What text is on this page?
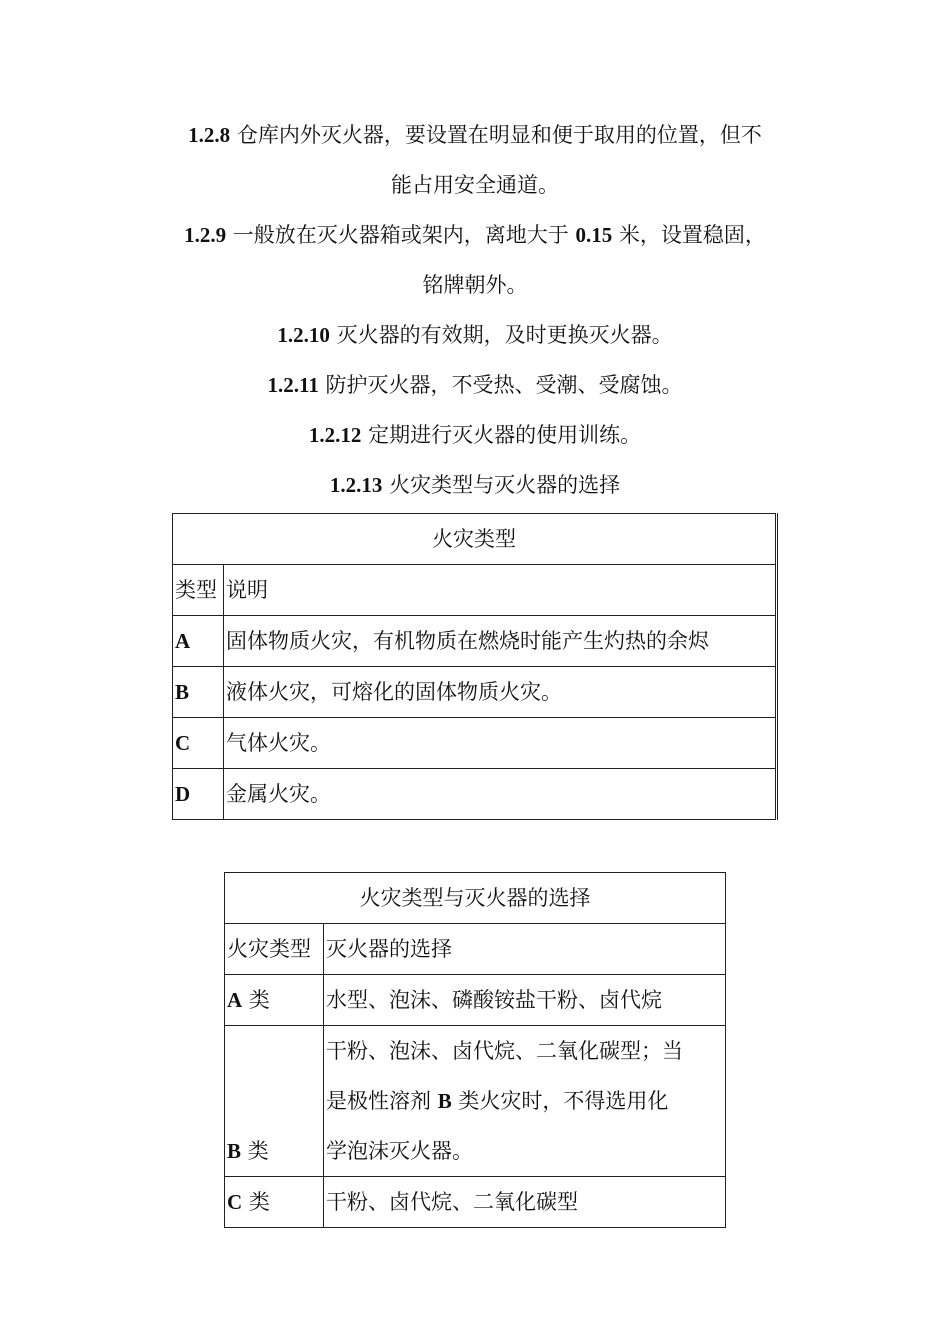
1.2.8 仓库内外灭火器，要设置在明显和便于取用的位置，但不
能占用安全通道。
1.2.9 一般放在灭火器箱或架内，离地大于 0.15 米，设置稳固，
铭牌朝外。
1.2.10 灭火器的有效期，及时更换灭火器。
1.2.11 防护灭火器，不受热、受潮、受腐蚀。
1.2.12 定期进行灭火器的使用训练。
1.2.13 火灾类型与灭火器的选择
火灾类型	
类型	说明
A	固体物质火灾，有机物质在燃烧时能产生灼热的余烬
B	液体火灾，可熔化的固体物质火灾。
C	气体火灾。
D	金属火灾。
火灾类型与灭火器的选择	
火灾类型	灭火器的选择
A 类	水型、泡沫、磷酸铵盐干粉、卤代烷
B 类	干粉、泡沫、卤代烷、二氧化碳型；当
是极性溶剂 B 类火灾时，不得选用化
学泡沫灭火器。

C 类	干粉、卤代烷、二氧化碳型
